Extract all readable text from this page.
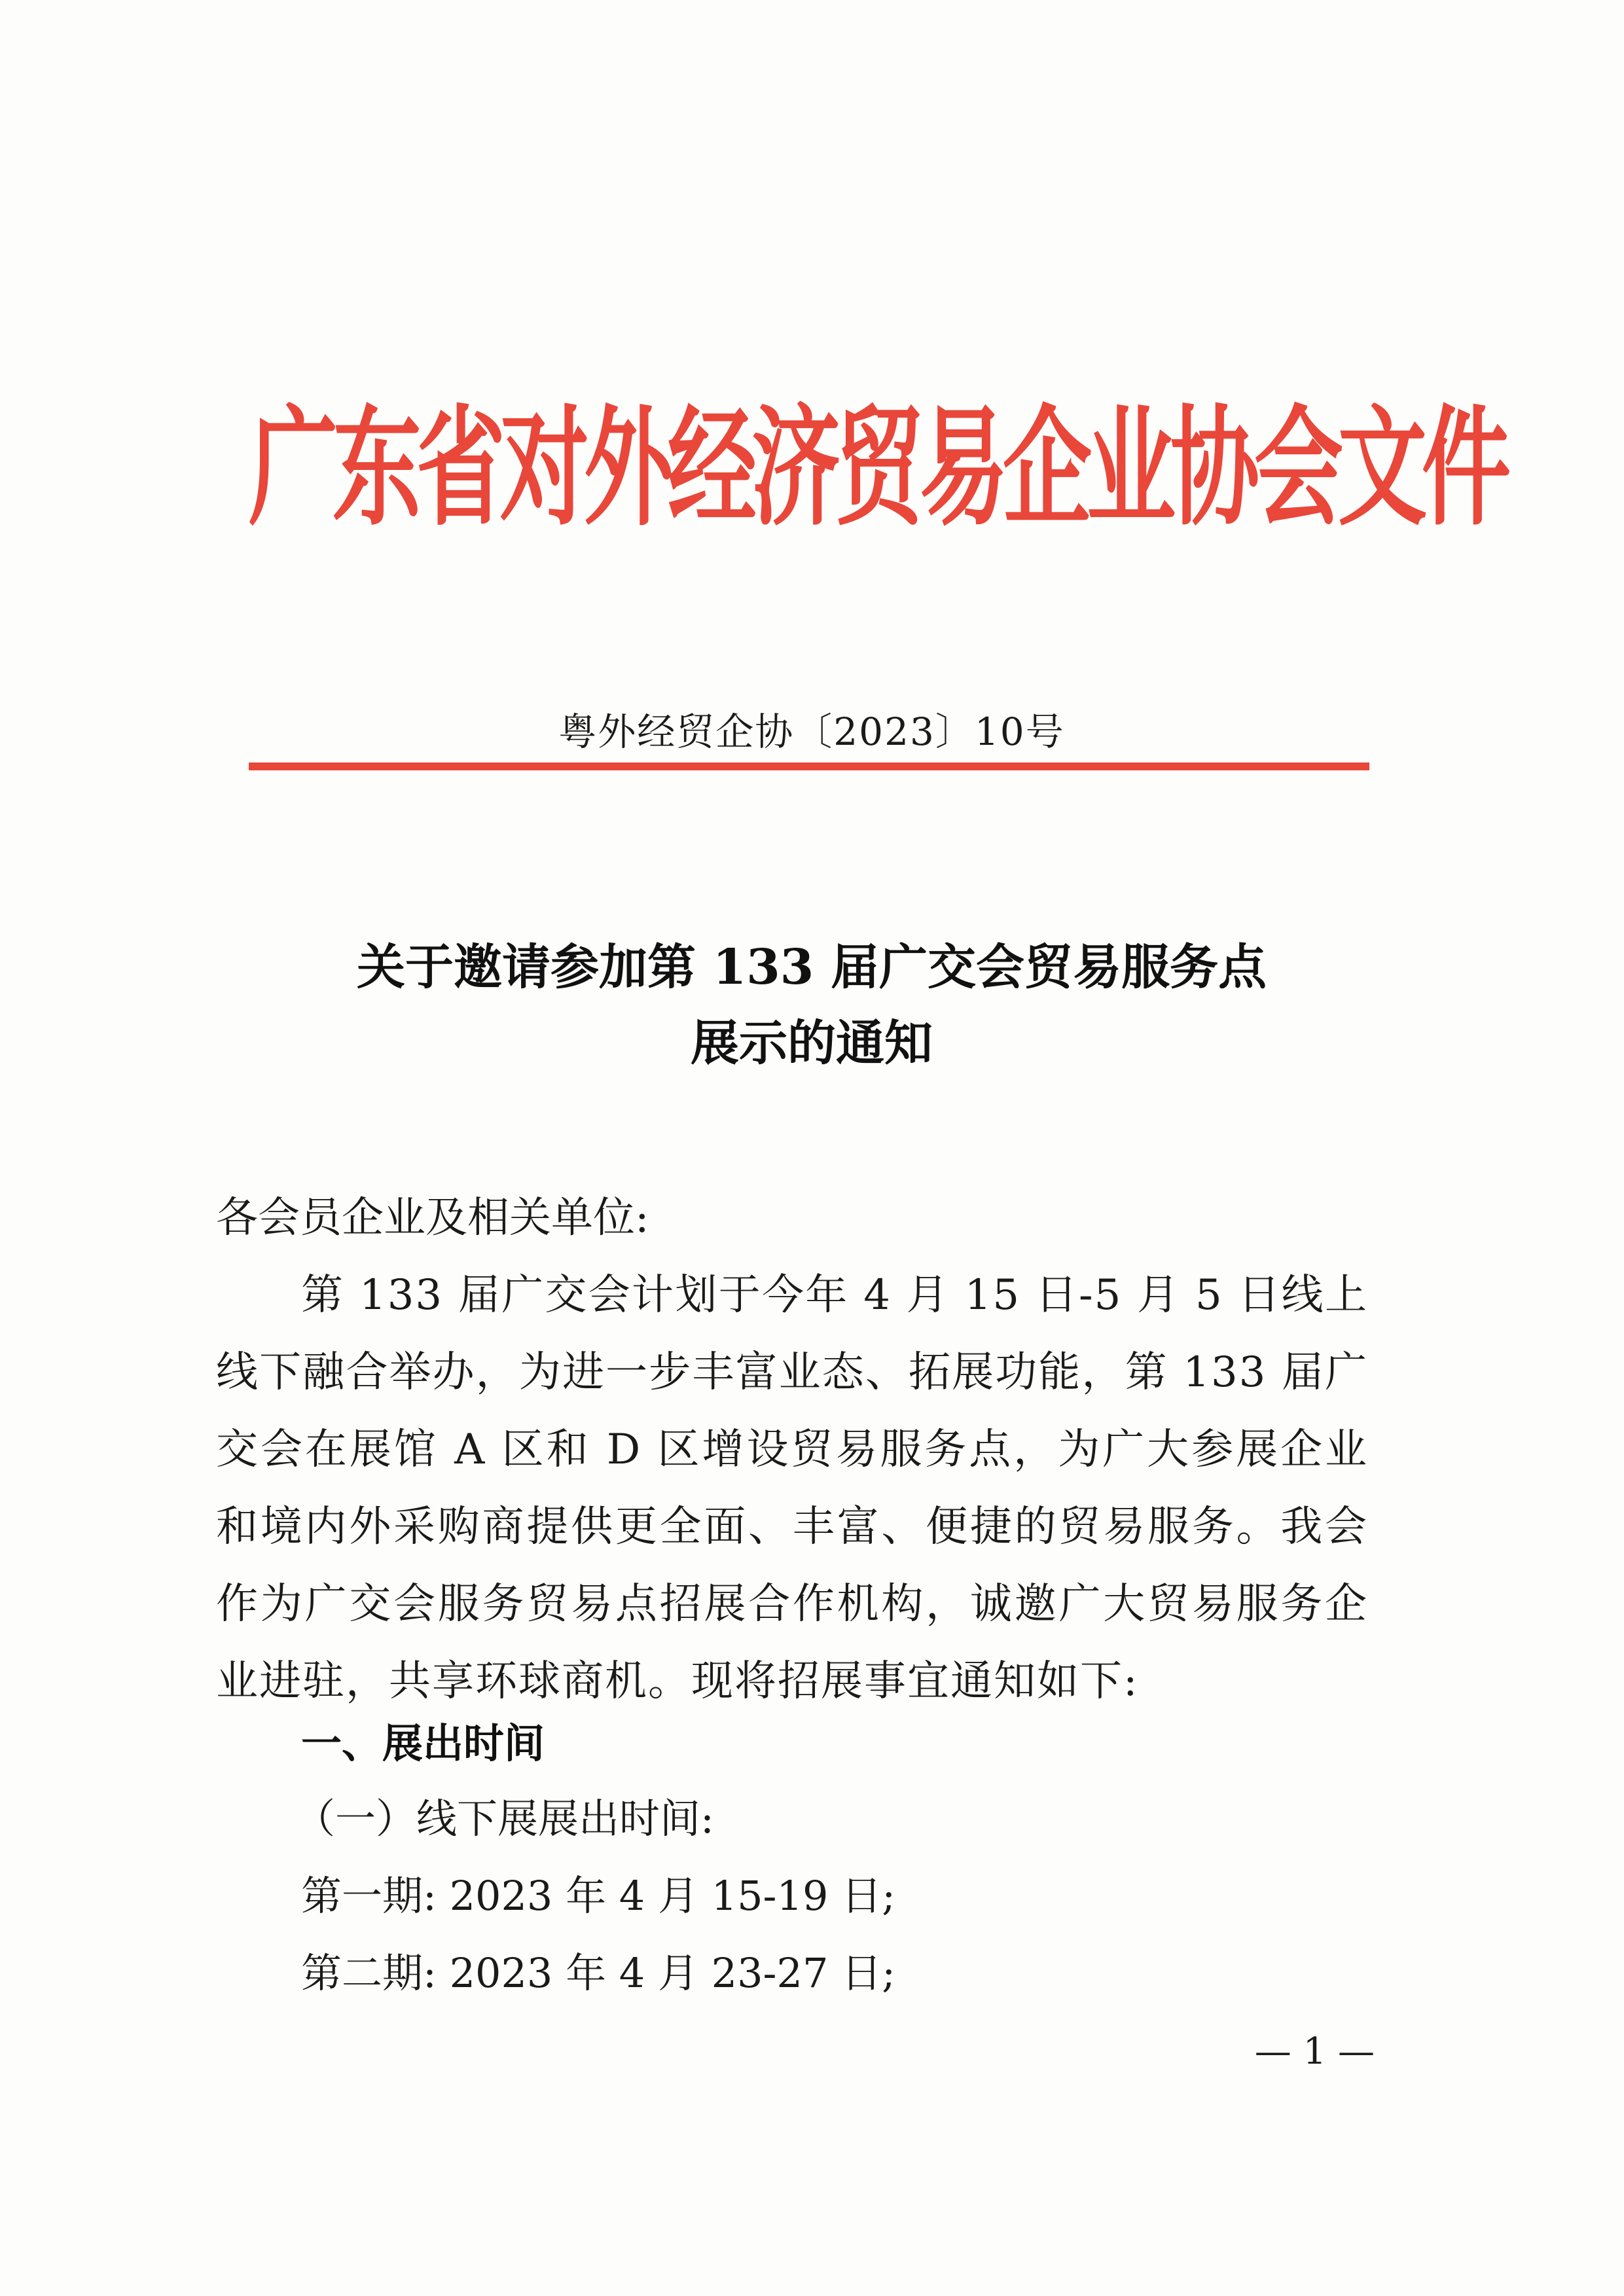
广东省对外经济贸易企业协会文件
粤外经贸企协〔2023〕10号
关于邀请参加第 133 届广交会贸易服务点
展示的通知

各会员企业及相关单位:

第 133 届广交会计划于今年 4 月 15 日-5 月 5 日线上线下融合举办，为进一步丰富业态、拓展功能，第 133 届广交会在展馆 A 区和 D 区增设贸易服务点，为广大参展企业和境内外采购商提供更全面、丰富、便捷的贸易服务。我会作为广交会服务贸易点招展合作机构，诚邀广大贸易服务企业进驻，共享环球商机。现将招展事宜通知如下:

一、展出时间
（一）线下展展出时间:
第一期: 2023 年 4 月 15-19 日;
第二期: 2023 年 4 月 23-27 日;
— 1 —
